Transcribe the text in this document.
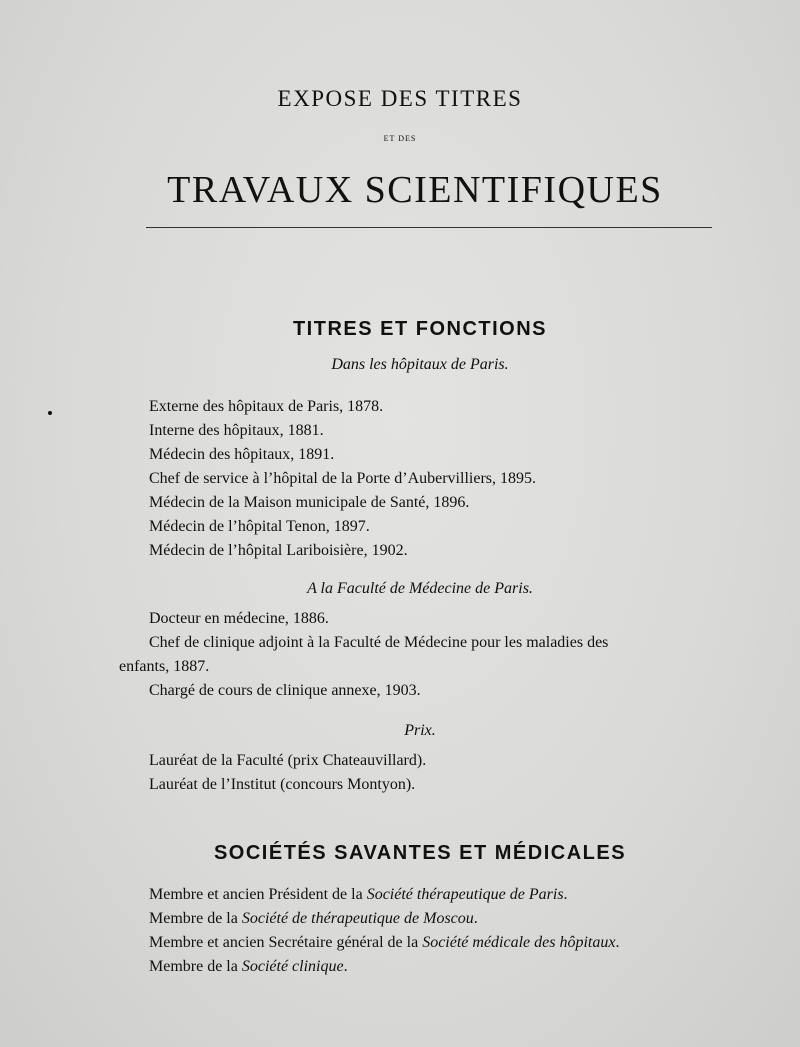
EXPOSE DES TITRES
ET DES
TRAVAUX SCIENTIFIQUES
TITRES ET FONCTIONS
Dans les hôpitaux de Paris.
Externe des hôpitaux de Paris, 1878.
Interne des hôpitaux, 1881.
Médecin des hôpitaux, 1891.
Chef de service à l’hôpital de la Porte d’Aubervilliers, 1895.
Médecin de la Maison municipale de Santé, 1896.
Médecin de l’hôpital Tenon, 1897.
Médecin de l’hôpital Lariboisière, 1902.
A la Faculté de Médecine de Paris.
Docteur en médecine, 1886.
Chef de clinique adjoint à la Faculté de Médecine pour les maladies des
enfants, 1887.
Chargé de cours de clinique annexe, 1903.
Prix.
Lauréat de la Faculté (prix Chateauvillard).
Lauréat de l’Institut (concours Montyon).
SOCIÉTÉS SAVANTES ET MÉDICALES
Membre et ancien Président de la Société thérapeutique de Paris.
Membre de la Société de thérapeutique de Moscou.
Membre et ancien Secrétaire général de la Société médicale des hôpitaux.
Membre de la Société clinique.
